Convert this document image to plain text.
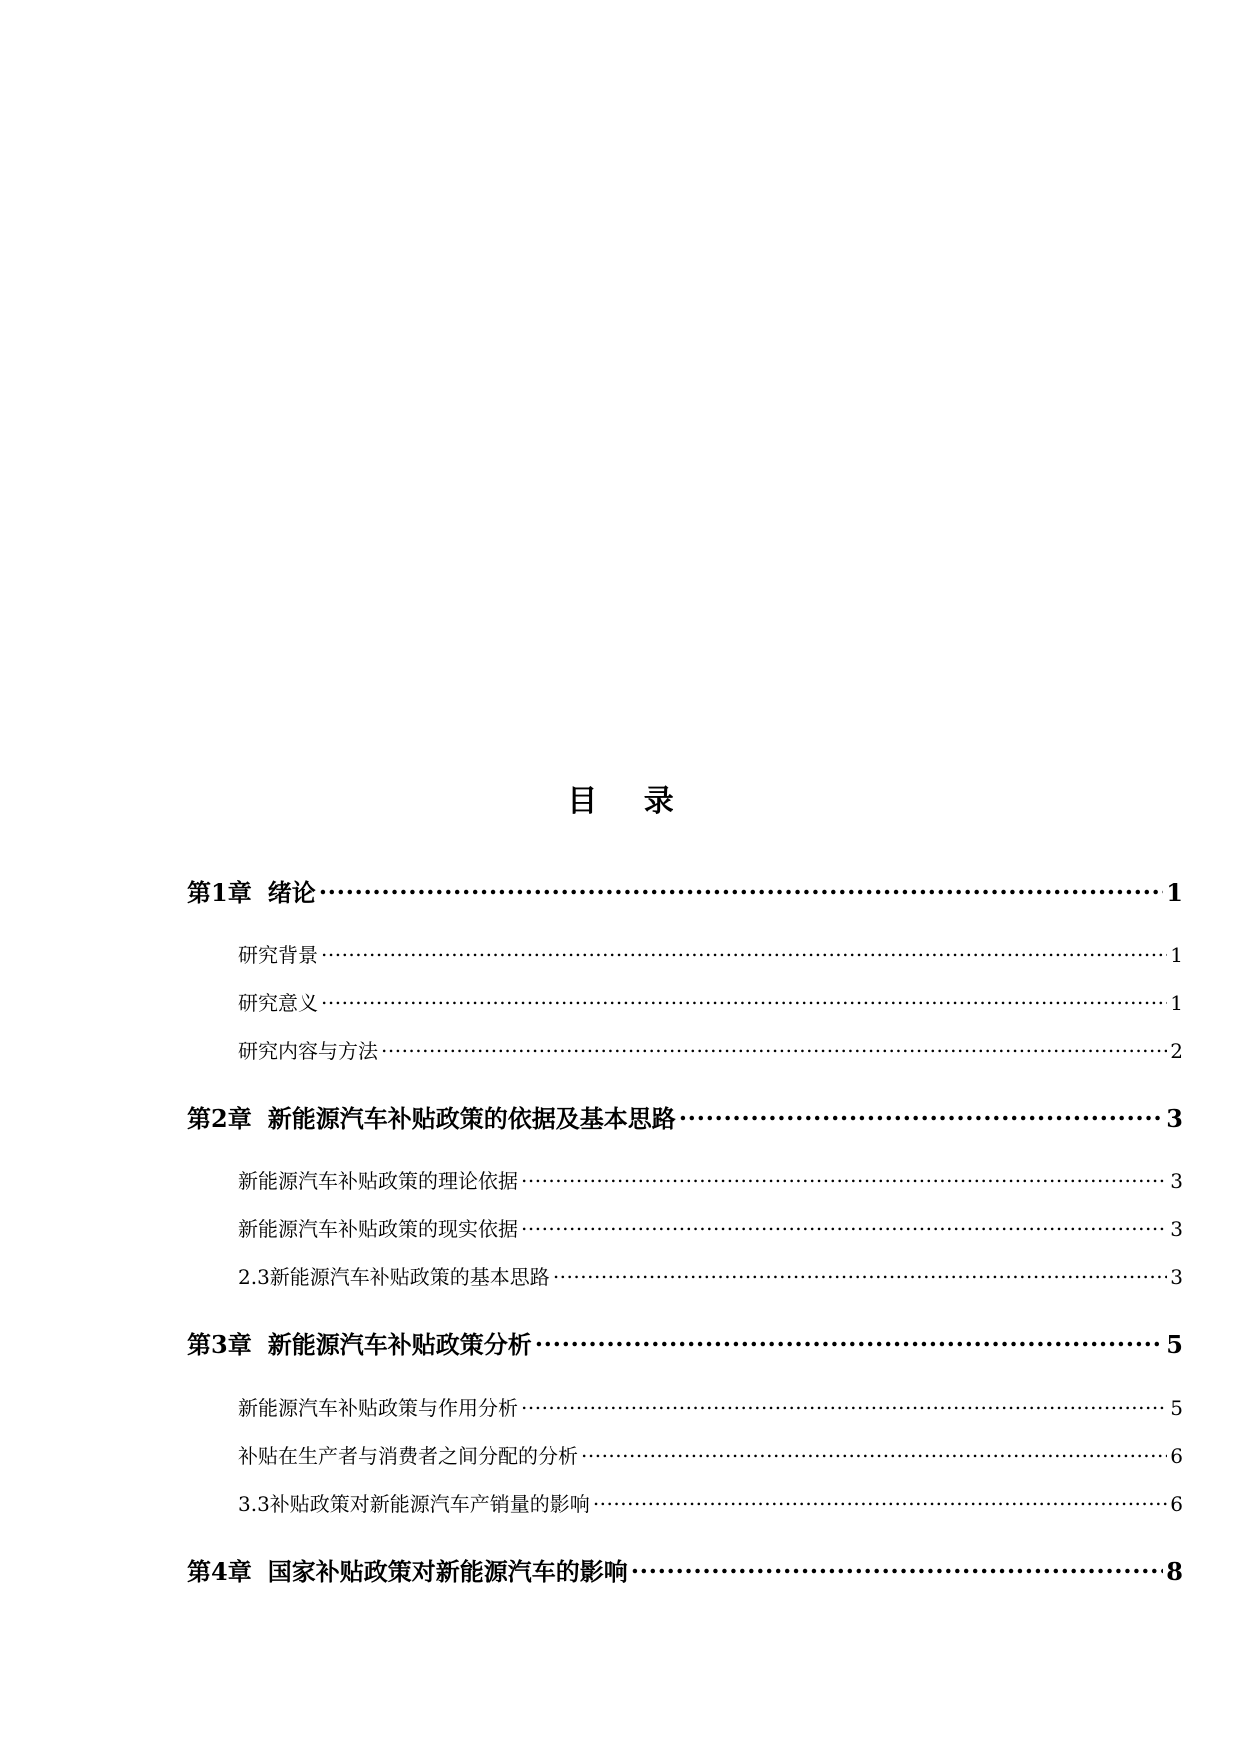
目 录
第1章 绪论 .....	1
研究背景 .....	1
研究意义 .....	1
研究内容与方法 .....	2
第2章 新能源汽车补贴政策的依据及基本思路 .....	3
新能源汽车补贴政策的理论依据 .....	3
新能源汽车补贴政策的现实依据 .....	3
2.3新能源汽车补贴政策的基本思路 .....	3
第3章 新能源汽车补贴政策分析 .....	5
新能源汽车补贴政策与作用分析 .....	5
补贴在生产者与消费者之间分配的分析 .....	6
3.3补贴政策对新能源汽车产销量的影响 .....	6
第4章 国家补贴政策对新能源汽车的影响 .....	8
